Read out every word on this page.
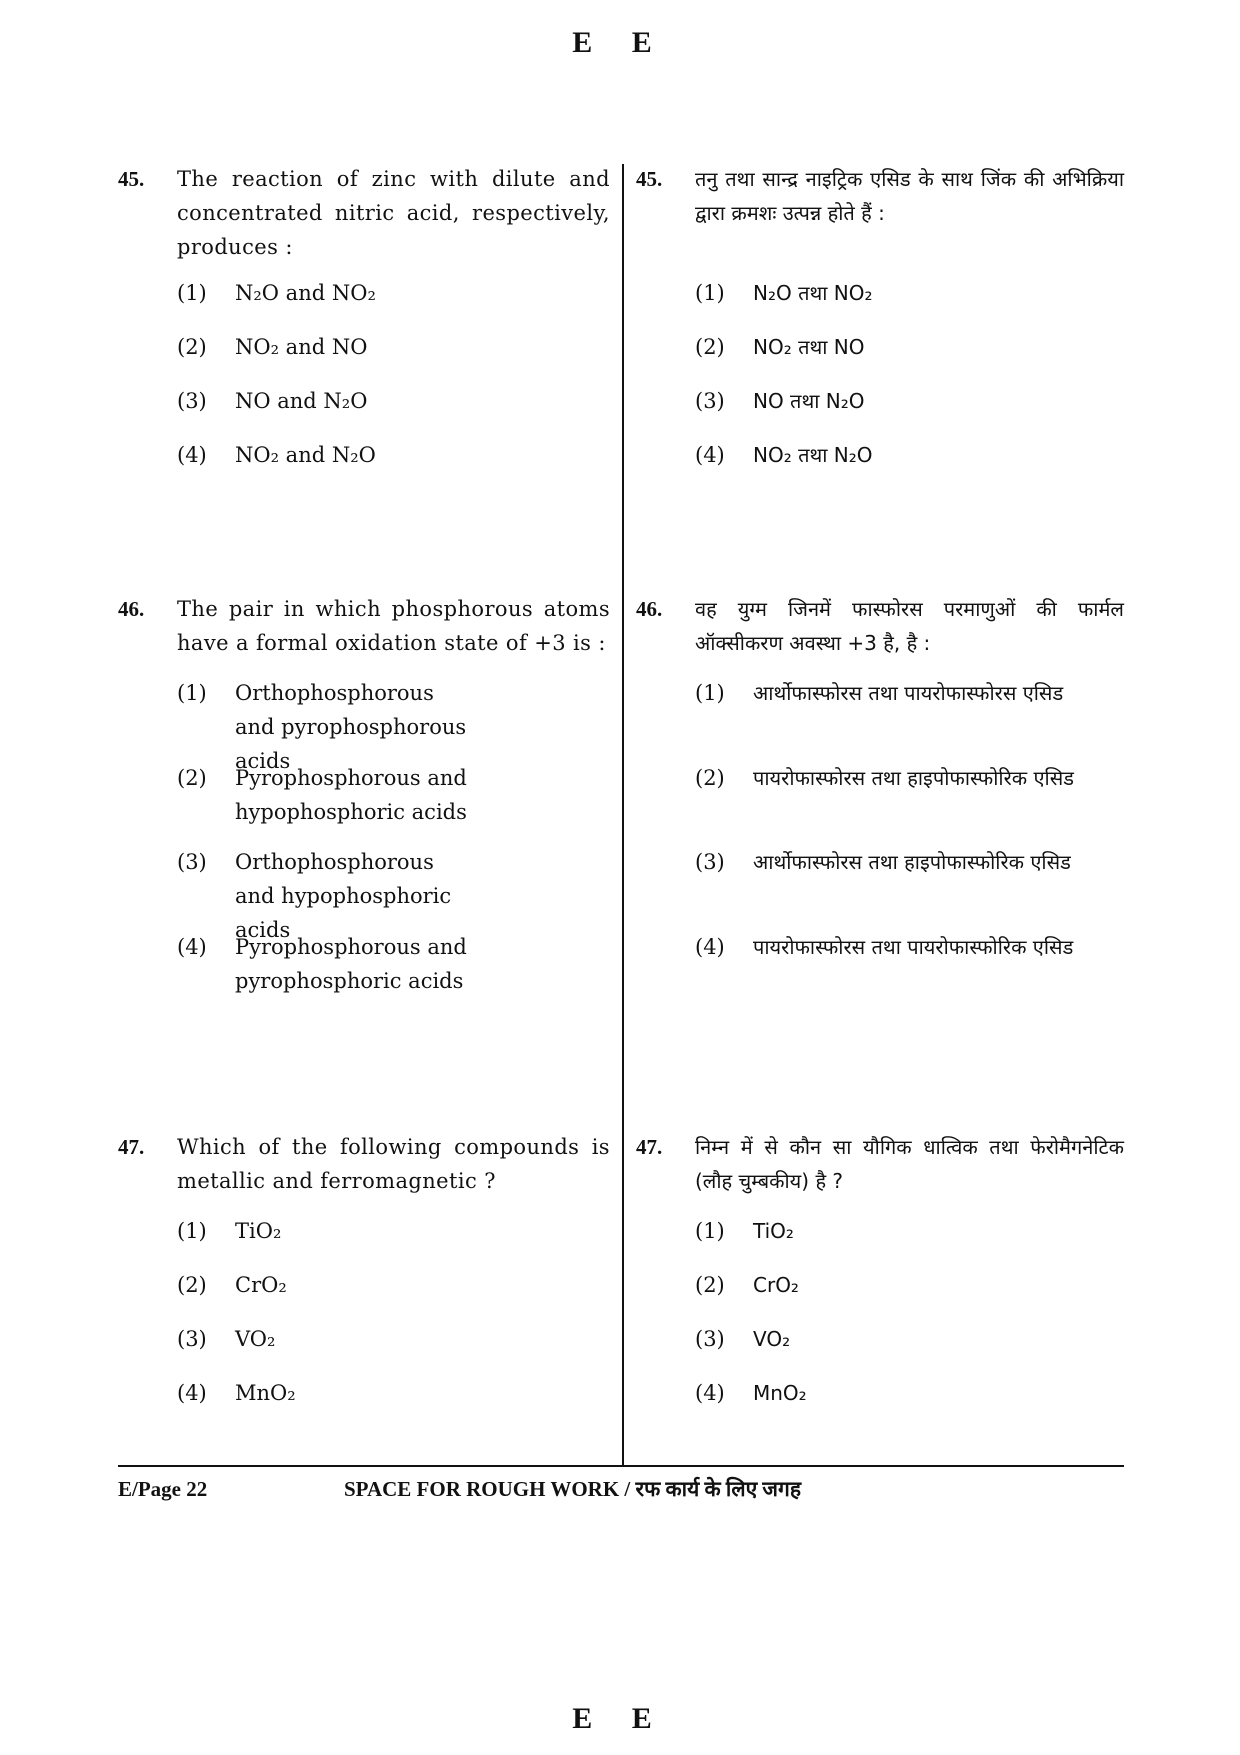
E E
45. The reaction of zinc with dilute and concentrated nitric acid, respectively, produces :
(1) N₂O and NO₂
(2) NO₂ and NO
(3) NO and N₂O
(4) NO₂ and N₂O
46. The pair in which phosphorous atoms have a formal oxidation state of +3 is :
(1) Orthophosphorous and pyrophosphorous acids
(2) Pyrophosphorous and hypophosphoric acids
(3) Orthophosphorous and hypophosphoric acids
(4) Pyrophosphorous and pyrophosphoric acids
47. Which of the following compounds is metallic and ferromagnetic ?
(1) TiO₂
(2) CrO₂
(3) VO₂
(4) MnO₂
45. तनु तथा सान्द्र नाइट्रिक एसिड के साथ जिंक की अभिक्रिया द्वारा क्रमशः उत्पन्न होते हैं :
(1) N₂O तथा NO₂
(2) NO₂ तथा NO
(3) NO तथा N₂O
(4) NO₂ तथा N₂O
46. वह युग्म जिनमें फास्फोरस परमाणुओं की फार्मल ऑक्सीकरण अवस्था +3 है, है :
(1) आर्थोफास्फोरस तथा पायरोफास्फोरस एसिड
(2) पायरोफास्फोरस तथा हाइपोफास्फोरिक एसिड
(3) आर्थोफास्फोरस तथा हाइपोफास्फोरिक एसिड
(4) पायरोफास्फोरस तथा पायरोफास्फोरिक एसिड
47. निम्न में से कौन सा यौगिक धात्विक तथा फेरोमैगनेटिक (लौह चुम्बकीय) है ?
(1) TiO₂
(2) CrO₂
(3) VO₂
(4) MnO₂
E/Page 22	SPACE FOR ROUGH WORK / रफ कार्य के लिए जगह
E E
